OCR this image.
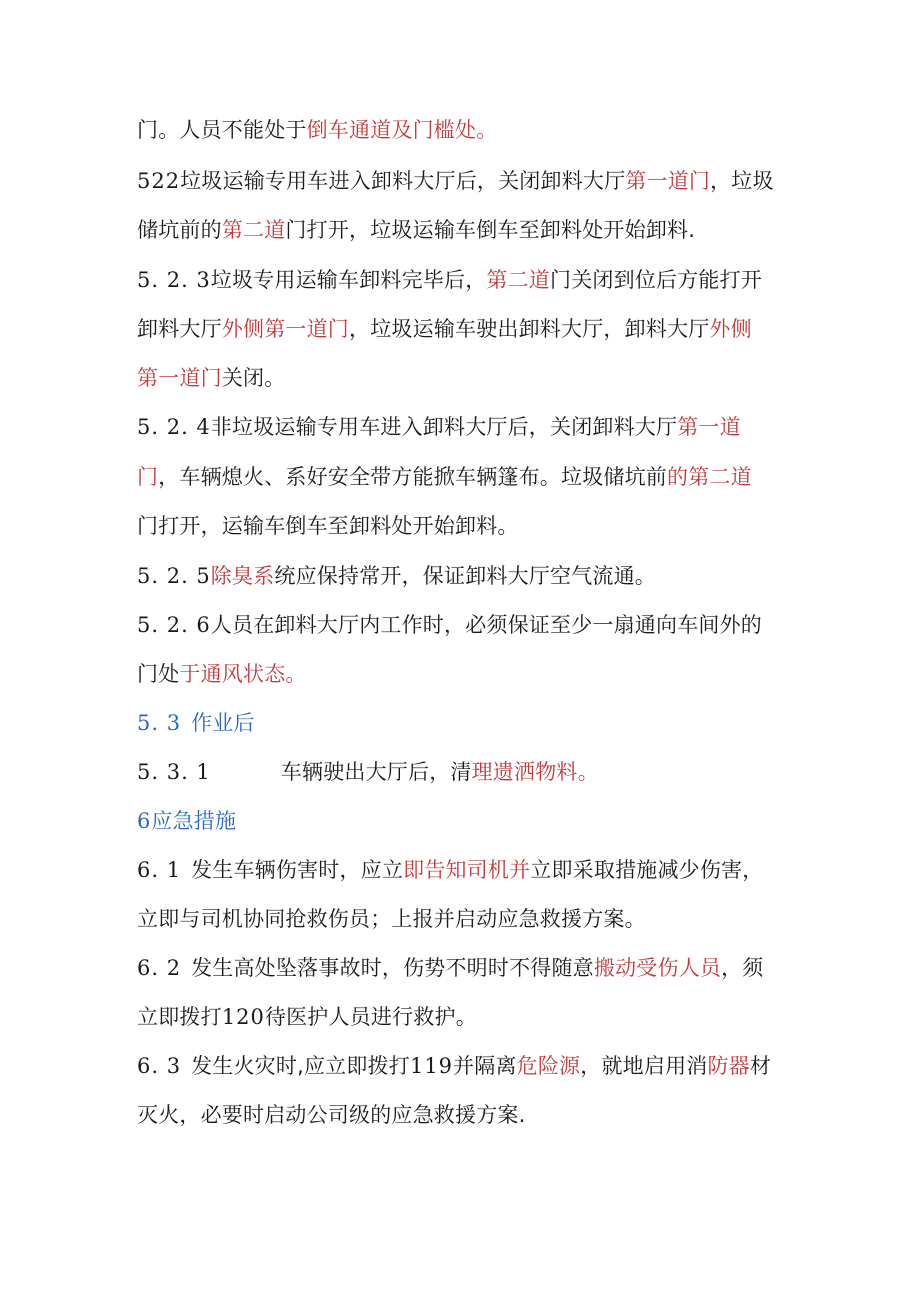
门。人员不能处于倒车通道及门槛处。
522垃圾运输专用车进入卸料大厅后，关闭卸料大厅第一道门，垃圾
储坑前的第二道门打开，垃圾运输车倒车至卸料处开始卸料.
5. 2. 3垃圾专用运输车卸料完毕后，第二道门关闭到位后方能打开
卸料大厅外侧第一道门，垃圾运输车驶出卸料大厅，卸料大厅外侧
第一道门关闭。
5. 2. 4非垃圾运输专用车进入卸料大厅后，关闭卸料大厅第一道
门，车辆熄火、系好安全带方能掀车辆篷布。垃圾储坑前的第二道
门打开，运输车倒车至卸料处开始卸料。
5. 2. 5除臭系统应保持常开，保证卸料大厅空气流通。
5. 2. 6人员在卸料大厅内工作时，必须保证至少一扇通向车间外的
门处于通风状态。
5. 3 作业后
5. 3. 1	车辆驶出大厅后，清理遗洒物料。
6应急措施
6. 1 发生车辆伤害时，应立即告知司机并立即采取措施减少伤害，
立即与司机协同抢救伤员；上报并启动应急救援方案。
6. 2 发生高处坠落事故时，伤势不明时不得随意搬动受伤人员，须
立即拨打120待医护人员进行救护。
6. 3 发生火灾时,应立即拨打119并隔离危险源，就地启用消防器材
灭火，必要时启动公司级的应急救援方案.
